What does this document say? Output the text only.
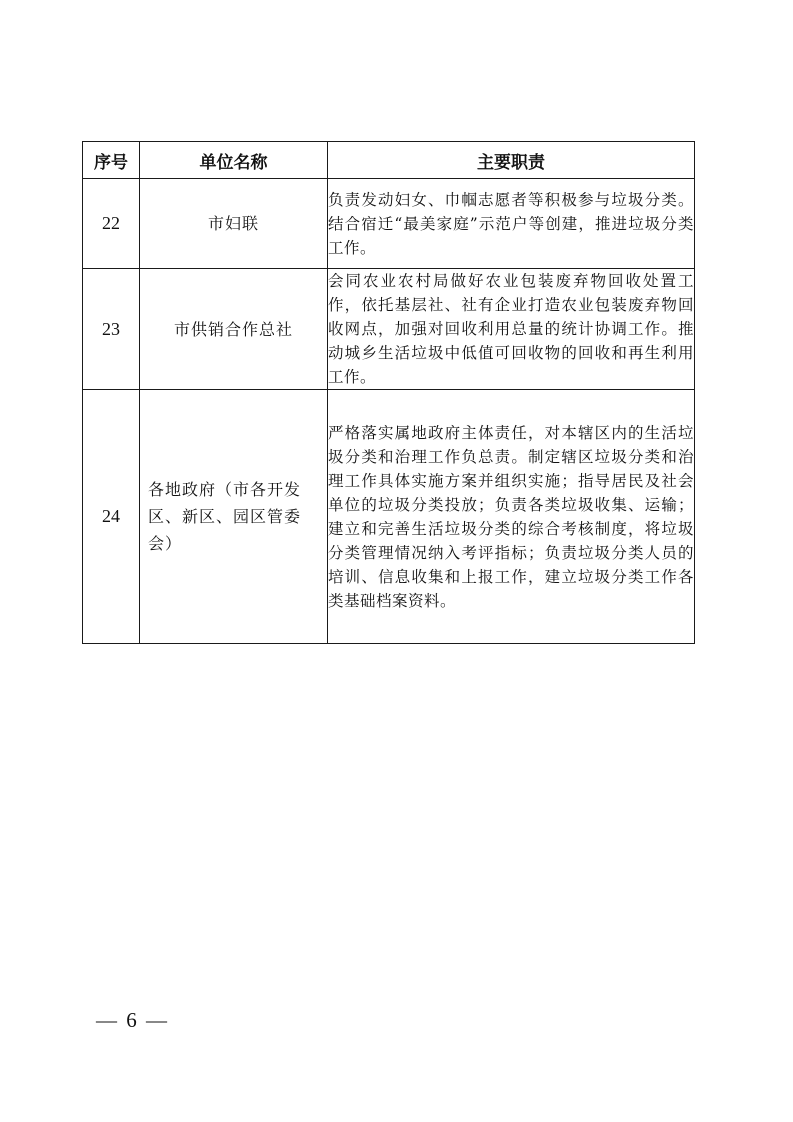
序号	单位名称	主要职责
22	市妇联	负责发动妇女、巾帼志愿者等积极参与垃圾分类。结合宿迁“最美家庭”示范户等创建，推进垃圾分类工作。
23	市供销合作总社	会同农业农村局做好农业包装废弃物回收处置工作，依托基层社、社有企业打造农业包装废弃物回收网点，加强对回收利用总量的统计协调工作。推动城乡生活垃圾中低值可回收物的回收和再生利用工作。
24	各地政府（市各开发区、新区、园区管委会）	严格落实属地政府主体责任，对本辖区内的生活垃圾分类和治理工作负总责。制定辖区垃圾分类和治理工作具体实施方案并组织实施；指导居民及社会单位的垃圾分类投放；负责各类垃圾收集、运输；建立和完善生活垃圾分类的综合考核制度，将垃圾分类管理情况纳入考评指标；负责垃圾分类人员的培训、信息收集和上报工作，建立垃圾分类工作各类基础档案资料。
— 6 —
